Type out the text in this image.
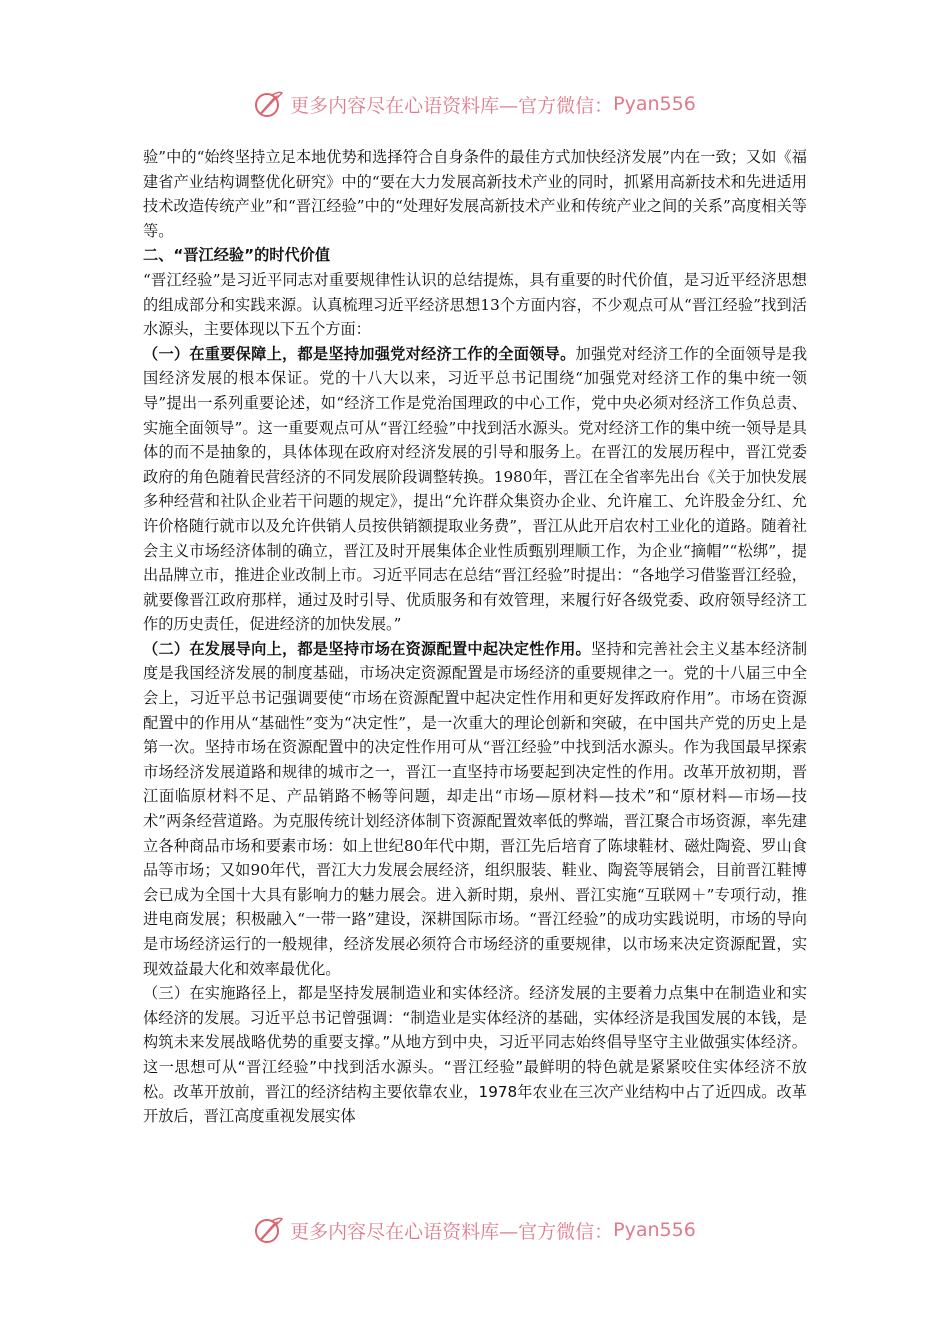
更多内容尽在心语资料库—官方微信： Pyan556

验”中的“始终坚持立足本地优势和选择符合自身条件的最佳方式加快经济发展”内在一致；又如《福建省产业结构调整优化研究》中的“要在大力发展高新技术产业的同时，抓紧用高新技术和先进适用技术改造传统产业”和“晋江经验”中的“处理好发展高新技术产业和传统产业之间的关系”高度相关等等。

二、“晋江经验”的时代价值

“晋江经验”是习近平同志对重要规律性认识的总结提炼，具有重要的时代价值，是习近平经济思想的组成部分和实践来源。认真梳理习近平经济思想13个方面内容，不少观点可从“晋江经验”找到活水源头，主要体现以下五个方面：

（一）在重要保障上，都是坚持加强党对经济工作的全面领导。加强党对经济工作的全面领导是我国经济发展的根本保证。党的十八大以来，习近平总书记围绕“加强党对经济工作的集中统一领导”提出一系列重要论述，如“经济工作是党治国理政的中心工作，党中央必须对经济工作负总责、实施全面领导”。这一重要观点可从“晋江经验”中找到活水源头。党对经济工作的集中统一领导是具体的而不是抽象的，具体体现在政府对经济发展的引导和服务上。在晋江的发展历程中，晋江党委政府的角色随着民营经济的不同发展阶段调整转换。1980年，晋江在全省率先出台《关于加快发展多种经营和社队企业若干问题的规定》，提出“允许群众集资办企业、允许雇工、允许股金分红、允许价格随行就市以及允许供销人员按供销额提取业务费”，晋江从此开启农村工业化的道路。随着社会主义市场经济体制的确立，晋江及时开展集体企业性质甄别理顺工作，为企业“摘帽”“松绑”，提出品牌立市，推进企业改制上市。习近平同志在总结“晋江经验”时提出：“各地学习借鉴晋江经验，就要像晋江政府那样，通过及时引导、优质服务和有效管理，来履行好各级党委、政府领导经济工作的历史责任，促进经济的加快发展。”

（二）在发展导向上，都是坚持市场在资源配置中起决定性作用。坚持和完善社会主义基本经济制度是我国经济发展的制度基础，市场决定资源配置是市场经济的重要规律之一。党的十八届三中全会上，习近平总书记强调要使“市场在资源配置中起决定性作用和更好发挥政府作用”。市场在资源配置中的作用从“基础性”变为“决定性”，是一次重大的理论创新和突破，在中国共产党的历史上是第一次。坚持市场在资源配置中的决定性作用可从“晋江经验”中找到活水源头。作为我国最早探索市场经济发展道路和规律的城市之一，晋江一直坚持市场要起到决定性的作用。改革开放初期，晋江面临原材料不足、产品销路不畅等问题，却走出“市场—原材料—技术”和“原材料—市场—技术”两条经营道路。为克服传统计划经济体制下资源配置效率低的弊端，晋江聚合市场资源，率先建立各种商品市场和要素市场：如上世纪80年代中期，晋江先后培育了陈埭鞋材、磁灶陶瓷、罗山食品等市场；又如90年代，晋江大力发展会展经济，组织服装、鞋业、陶瓷等展销会，目前晋江鞋博会已成为全国十大具有影响力的魅力展会。进入新时期，泉州、晋江实施“互联网＋”专项行动，推进电商发展；积极融入“一带一路”建设，深耕国际市场。“晋江经验”的成功实践说明，市场的导向是市场经济运行的一般规律，经济发展必须符合市场经济的重要规律，以市场来决定资源配置，实现效益最大化和效率最优化。

（三）在实施路径上，都是坚持发展制造业和实体经济。经济发展的主要着力点集中在制造业和实体经济的发展。习近平总书记曾强调：“制造业是实体经济的基础，实体经济是我国发展的本钱，是构筑未来发展战略优势的重要支撑。”从地方到中央，习近平同志始终倡导坚守主业做强实体经济。这一思想可从“晋江经验”中找到活水源头。“晋江经验”最鲜明的特色就是紧紧咬住实体经济不放松。改革开放前，晋江的经济结构主要依靠农业，1978年农业在三次产业结构中占了近四成。改革开放后，晋江高度重视发展实体

更多内容尽在心语资料库—官方微信： Pyan556
